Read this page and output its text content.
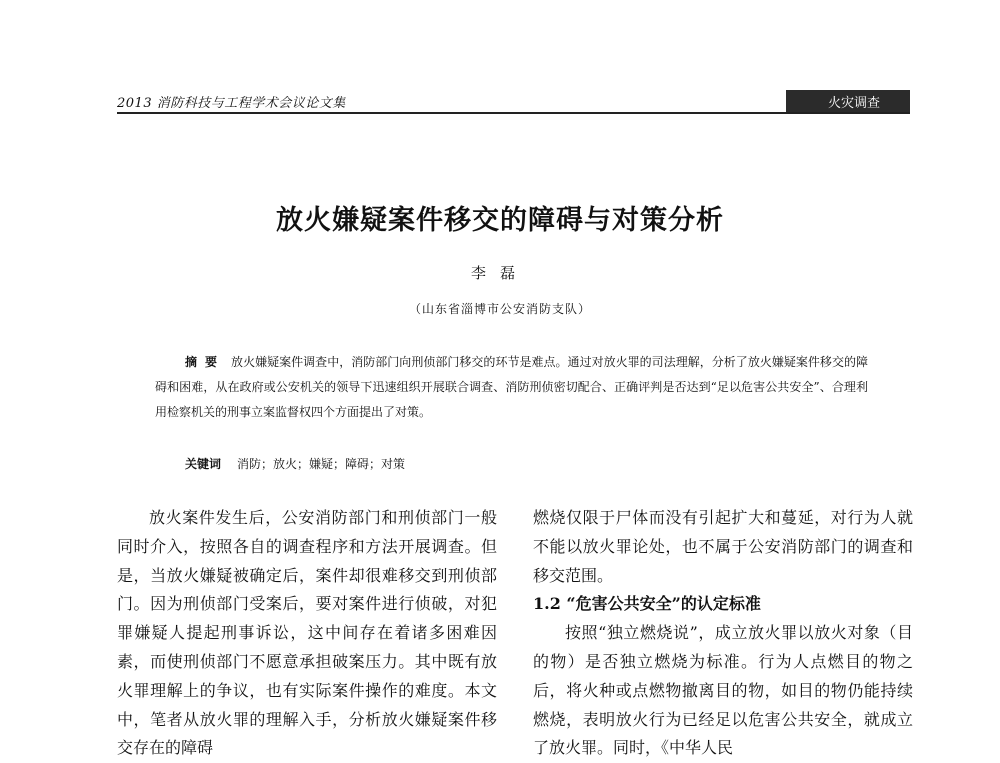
2013 消防科技与工程学术会议论文集	火灾调查
放火嫌疑案件移交的障碍与对策分析
李磊
（山东省淄博市公安消防支队）
摘要 放火嫌疑案件调查中，消防部门向刑侦部门移交的环节是难点。通过对放火罪的司法理解，分析了放火嫌疑案件移交的障碍和困难，从在政府或公安机关的领导下迅速组织开展联合调查、消防刑侦密切配合、正确评判是否达到“足以危害公共安全”、合理利用检察机关的刑事立案监督权四个方面提出了对策。
关键词 消防；放火；嫌疑；障碍；对策

放火案件发生后，公安消防部门和刑侦部门一般同时介入，按照各自的调查程序和方法开展调查。但是，当放火嫌疑被确定后，案件却很难移交到刑侦部门。因为刑侦部门受案后，要对案件进行侦破，对犯罪嫌疑人提起刑事诉讼，这中间存在着诸多困难因素，而使刑侦部门不愿意承担破案压力。其中既有放火罪理解上的争议，也有实际案件操作的难度。本文中，笔者从放火罪的理解入手，分析放火嫌疑案件移交存在的障碍

燃烧仅限于尸体而没有引起扩大和蔓延，对行为人就不能以放火罪论处，也不属于公安消防部门的调查和移交范围。

1.2 “危害公共安全”的认定标准

按照“独立燃烧说”，成立放火罪以放火对象（目的物）是否独立燃烧为标准。行为人点燃目的物之后，将火种或点燃物撤离目的物，如目的物仍能持续燃烧，表明放火行为已经足以危害公共安全，就成立了放火罪。同时，《中华人民
